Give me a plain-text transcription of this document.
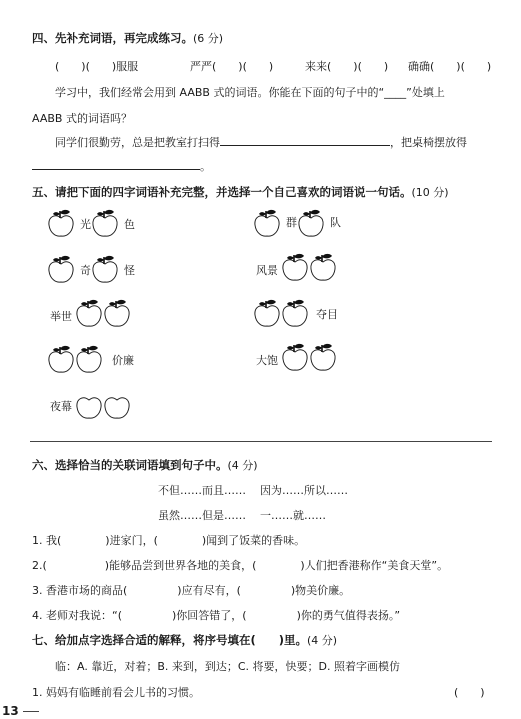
四、先补充词语，再完成练习。(6 分)
(　　)(　　)服服	严严(　　)(　　)	来来(　　)(　　) 确确(　　)(　　)
学习中，我们经常会用到 AABB 式的词语。你能在下面的句子中的“____”处填上
AABB 式的词语吗？
同学们很勤劳，总是把教室打扫得	，把桌椅摆放得
。
五、请把下面的四字词语补充完整，并选择一个自己喜欢的词语说一句话。(10 分)
光	色
奇	怪
举世
价廉
夜幕
群	队
风景
夺目
大饱
六、选择恰当的关联词语填到句子中。(4 分)
不但……而且…… 因为……所以……
虽然……但是…… 一……就……
1. 我(	)进家门，(	)闻到了饭菜的香味。
2.(	)能够品尝到世界各地的美食，(	)人们把香港称作“美食天堂”。
3. 香港市场的商品(	)应有尽有，(	)物美价廉。
4. 老师对我说：“(	)你回答错了，(	)你的勇气值得表扬。”
七、给加点字选择合适的解释，将序号填在(　　)里。(4 分)
临：A. 靠近，对着；B. 来到，到达；C. 将要，快要；D. 照着字画模仿
1. 妈妈有临睡前看会儿书的习惯。	(　　)
13
